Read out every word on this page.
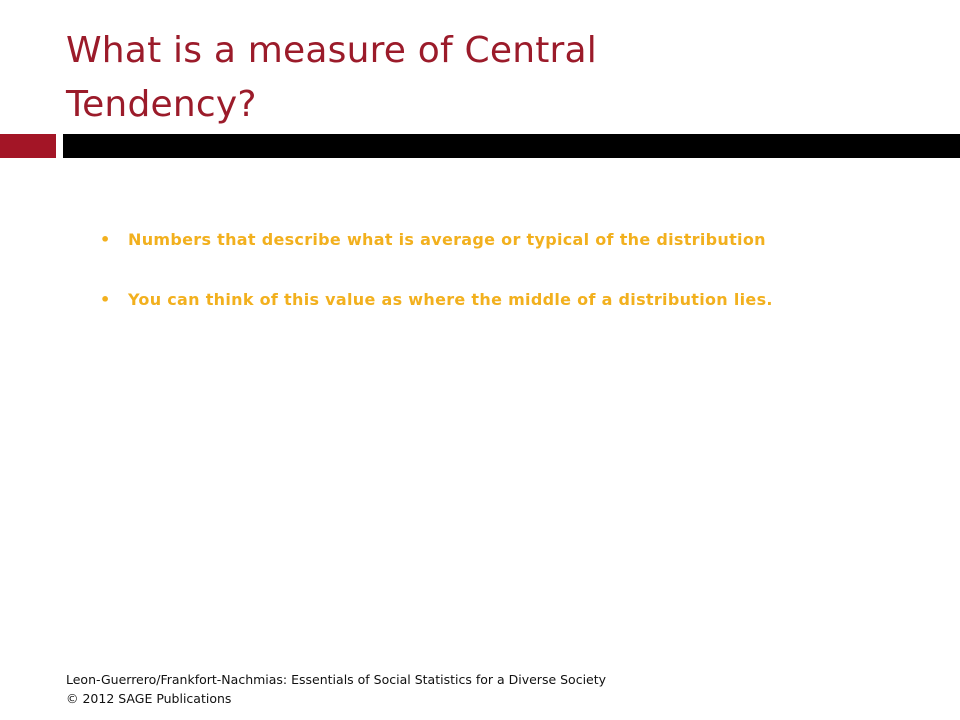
What is a measure of Central Tendency?
• Numbers that describe what is average or typical of the distribution
• You can think of this value as where the middle of a distribution lies.
Leon-Guerrero/Frankfort-Nachmias: Essentials of Social Statistics for a Diverse Society
© 2012 SAGE Publications
